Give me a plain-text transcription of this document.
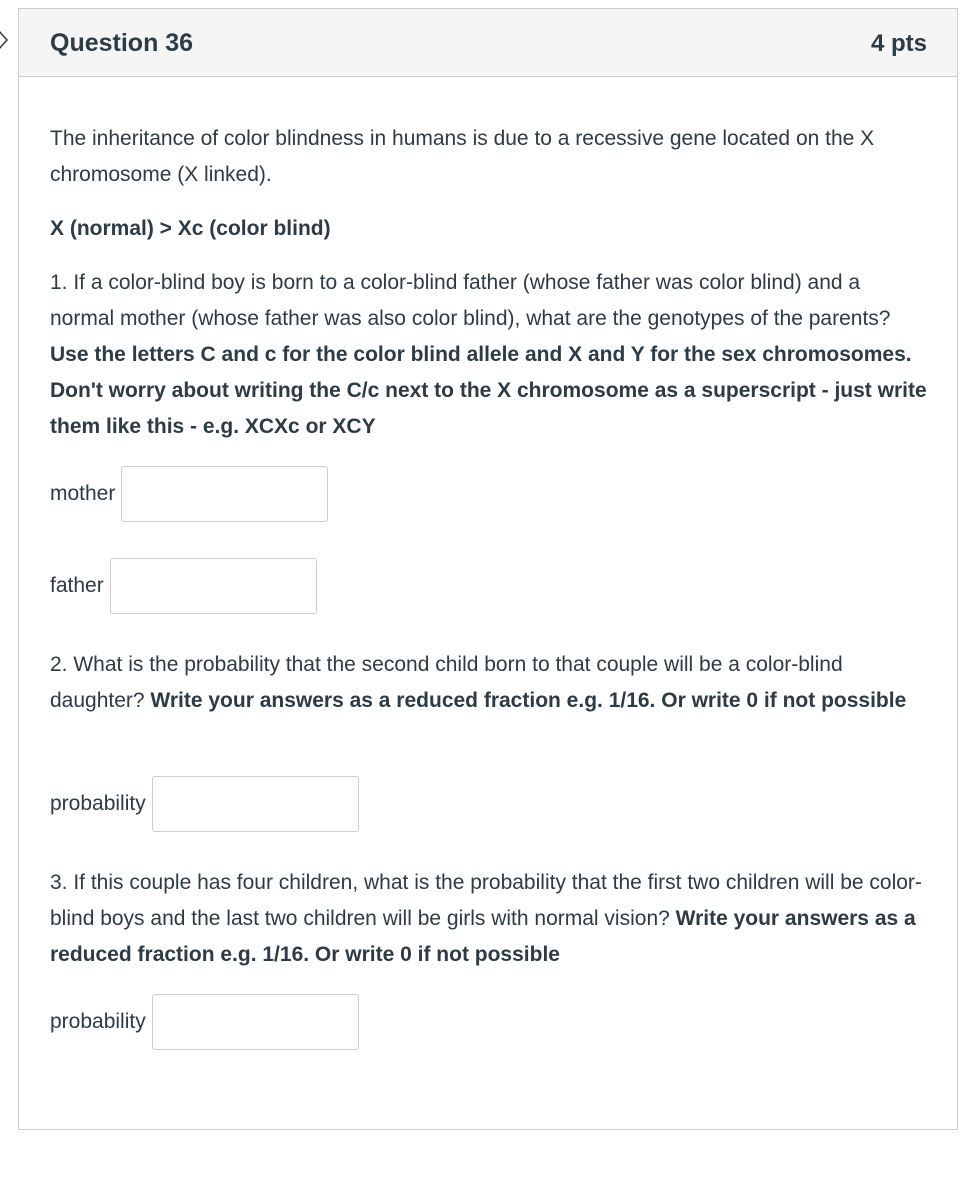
Question 36	4 pts

The inheritance of color blindness in humans is due to a recessive gene located on the X chromosome (X linked).

X (normal) > Xc (color blind)

1. If a color-blind boy is born to a color-blind father (whose father was color blind) and a normal mother (whose father was also color blind), what are the genotypes of the parents? Use the letters C and c for the color blind allele and X and Y for the sex chromosomes. Don't worry about writing the C/c next to the X chromosome as a superscript - just write them like this - e.g. XCXc or XCY

mother
father

2. What is the probability that the second child born to that couple will be a color-blind daughter? Write your answers as a reduced fraction e.g. 1/16. Or write 0 if not possible

probability

3. If this couple has four children, what is the probability that the first two children will be color-blind boys and the last two children will be girls with normal vision? Write your answers as a reduced fraction e.g. 1/16. Or write 0 if not possible

probability
